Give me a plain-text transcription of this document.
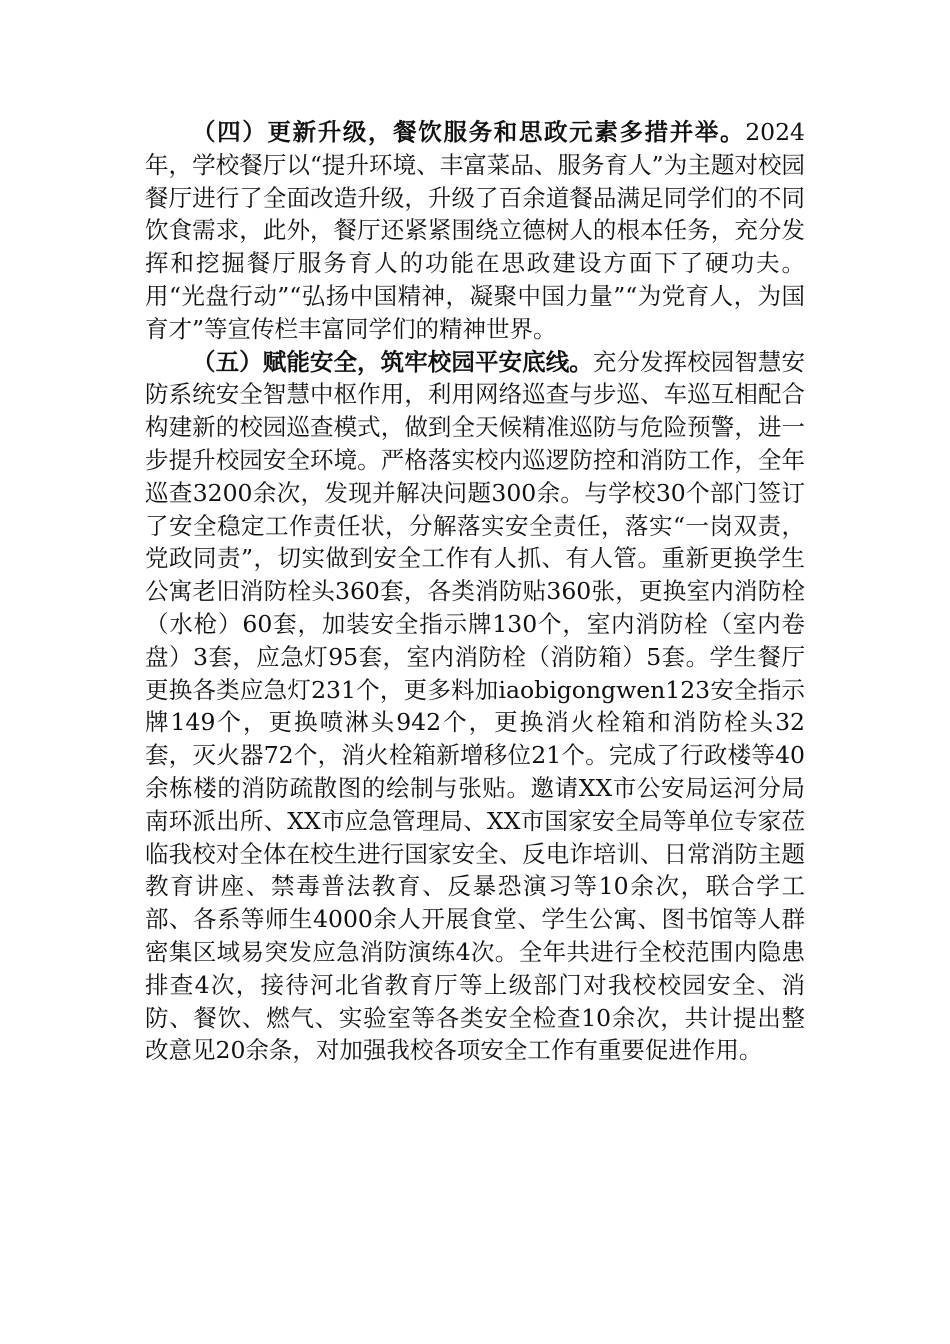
（四）更新升级，餐饮服务和思政元素多措并举。2024年，学校餐厅以“提升环境、丰富菜品、服务育人”为主题对校园餐厅进行了全面改造升级，升级了百余道餐品满足同学们的不同饮食需求，此外，餐厅还紧紧围绕立德树人的根本任务，充分发挥和挖掘餐厅服务育人的功能在思政建设方面下了硬功夫。用“光盘行动”“弘扬中国精神，凝聚中国力量”“为党育人，为国育才”等宣传栏丰富同学们的精神世界。

（五）赋能安全，筑牢校园平安底线。充分发挥校园智慧安防系统安全智慧中枢作用，利用网络巡查与步巡、车巡互相配合构建新的校园巡查模式，做到全天候精准巡防与危险预警，进一步提升校园安全环境。严格落实校内巡逻防控和消防工作，全年巡查3200余次，发现并解决问题300余。与学校30个部门签订了安全稳定工作责任状，分解落实安全责任，落实“一岗双责，党政同责”，切实做到安全工作有人抓、有人管。重新更换学生公寓老旧消防栓头360套，各类消防贴360张，更换室内消防栓（水枪）60套，加装安全指示牌130个，室内消防栓（室内卷盘）3套，应急灯95套，室内消防栓（消防箱）5套。学生餐厅更换各类应急灯231个，更多料加iaobigongwen123安全指示牌149个，更换喷淋头942个，更换消火栓箱和消防栓头32套，灭火器72个，消火栓箱新增移位21个。完成了行政楼等40余栋楼的消防疏散图的绘制与张贴。邀请XX市公安局运河分局南环派出所、XX市应急管理局、XX市国家安全局等单位专家莅临我校对全体在校生进行国家安全、反电诈培训、日常消防主题教育讲座、禁毒普法教育、反暴恐演习等10余次，联合学工部、各系等师生4000余人开展食堂、学生公寓、图书馆等人群密集区域易突发应急消防演练4次。全年共进行全校范围内隐患排查4次，接待河北省教育厅等上级部门对我校校园安全、消防、餐饮、燃气、实验室等各类安全检查10余次，共计提出整改意见20余条，对加强我校各项安全工作有重要促进作用。
